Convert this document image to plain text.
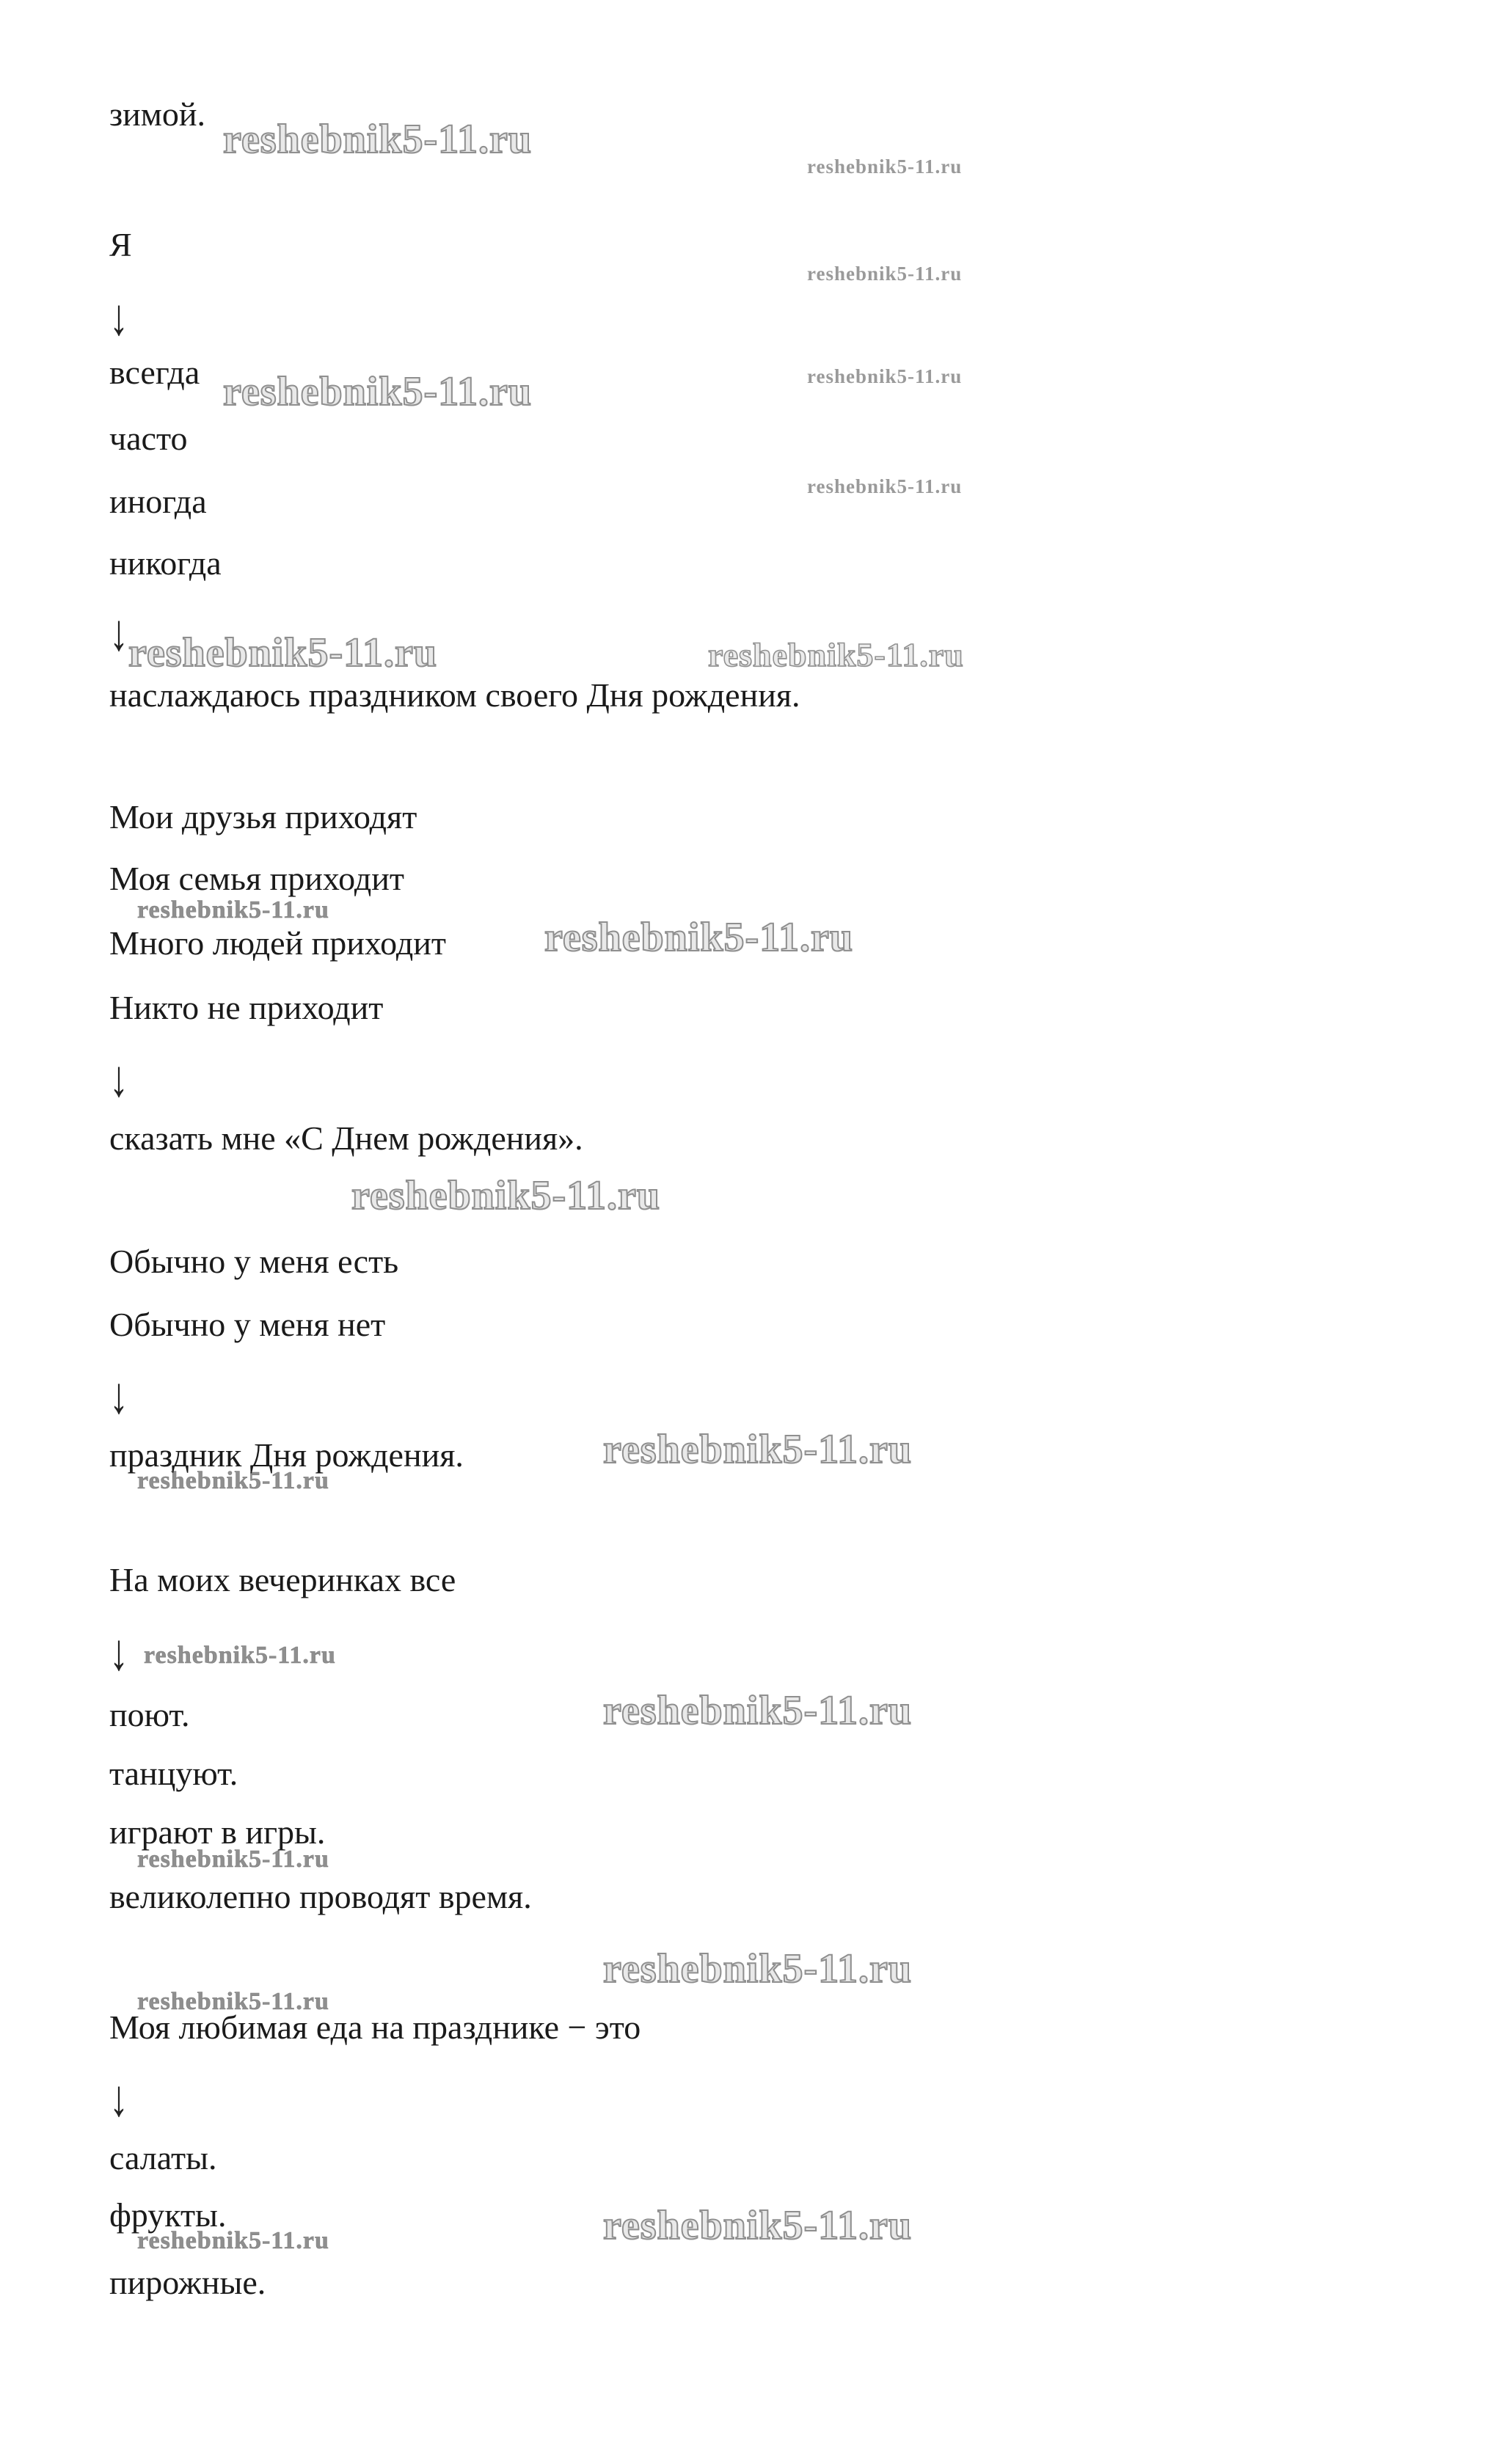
reshebnik5-11.ru
reshebnik5-11.ru
reshebnik5-11.ru
reshebnik5-11.ru	reshebnik5-11.ru
reshebnik5-11.ru
reshebnik5-11.ru	reshebnik5-11.ru
reshebnik5-11.ru
reshebnik5-11.ru
reshebnik5-11.ru
reshebnik5-11.ru
reshebnik5-11.ru
reshebnik5-11.ru
reshebnik5-11.ru
reshebnik5-11.ru
reshebnik5-11.ru
reshebnik5-11.ru
reshebnik5-11.ru
reshebnik5-11.ru
зимой.
Я
↓
всегда
часто
иногда
никогда
↓
наслаждаюсь праздником своего Дня рождения.
Мои друзья приходят
Моя семья приходит
Много людей приходит
Никто не приходит
↓
сказать мне «С Днем рождения».
Обычно у меня есть
Обычно у меня нет
↓
праздник Дня рождения.
На моих вечеринках все
↓
поют.
танцуют.
играют в игры.
великолепно проводят время.
Моя любимая еда на празднике − это
↓
салаты.
фрукты.
пирожные.
